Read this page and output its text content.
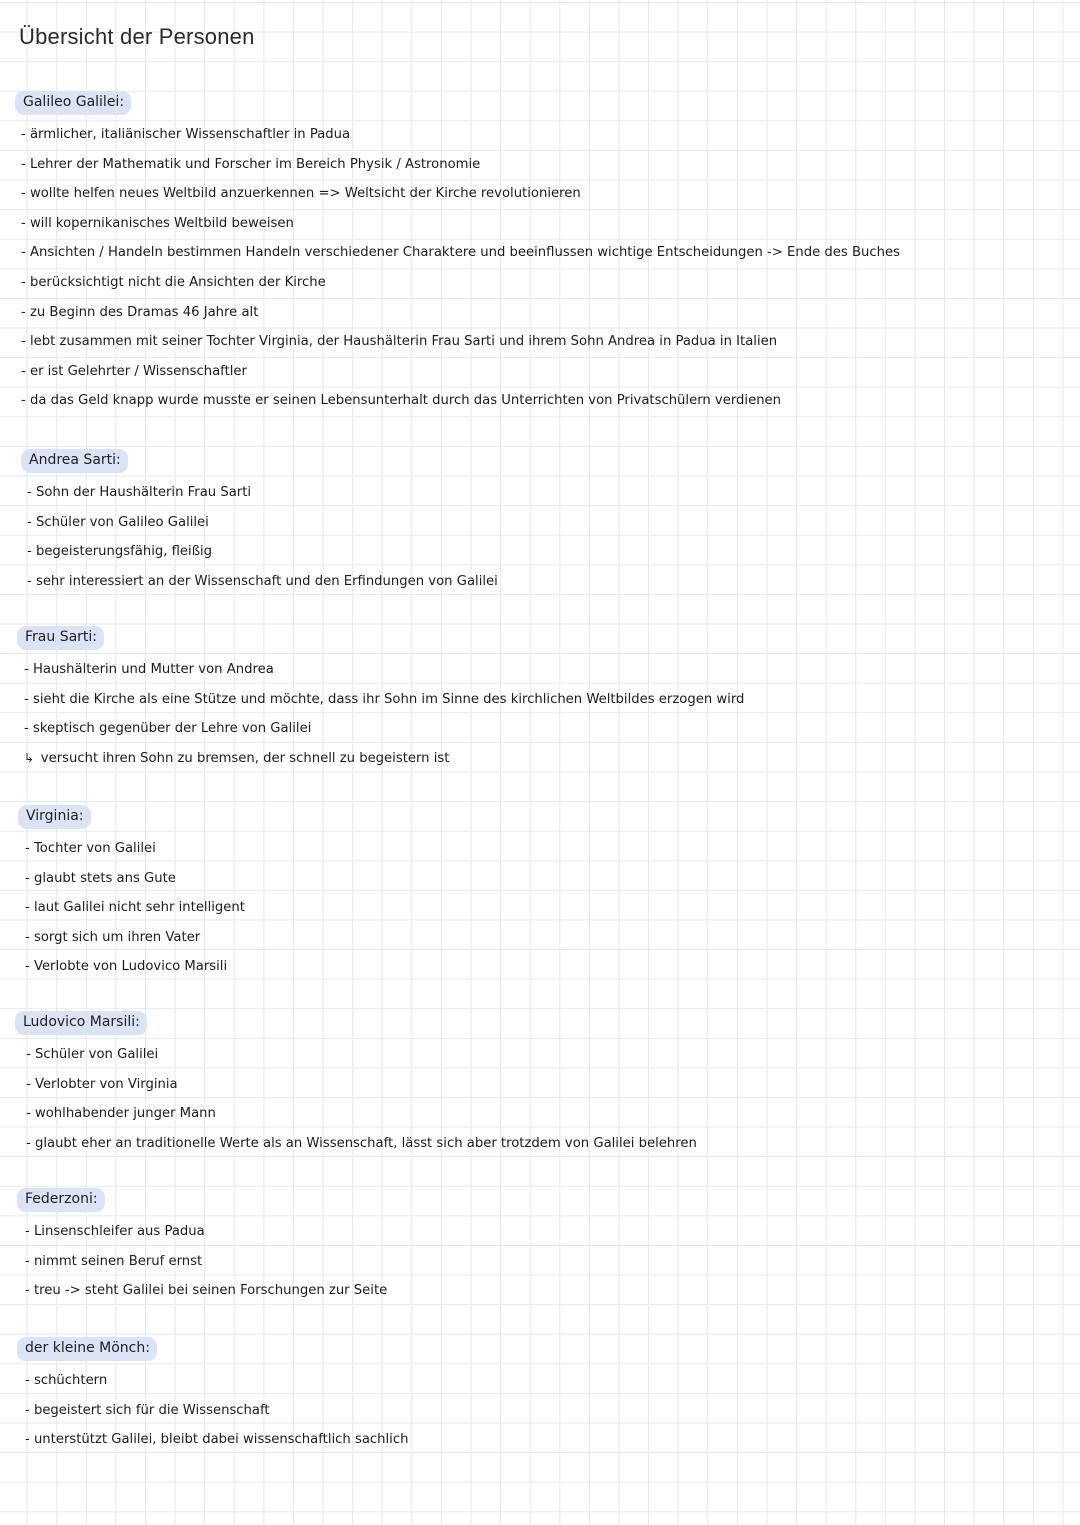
Übersicht der Personen
Galileo Galilei:
- ärmlicher, italiänischer Wissenschaftler in Padua
- Lehrer der Mathematik und Forscher im Bereich Physik / Astronomie
- wollte helfen neues Weltbild anzuerkennen => Weltsicht der Kirche revolutionieren
- will kopernikanisches Weltbild beweisen
- Ansichten / Handeln bestimmen Handeln verschiedener Charaktere und beeinflussen wichtige Entscheidungen -> Ende des Buches
- berücksichtigt nicht die Ansichten der Kirche
- zu Beginn des Dramas 46 Jahre alt
- lebt zusammen mit seiner Tochter Virginia, der Haushälterin Frau Sarti und ihrem Sohn Andrea in Padua in Italien
- er ist Gelehrter / Wissenschaftler
- da das Geld knapp wurde musste er seinen Lebensunterhalt durch das Unterrichten von Privatschülern verdienen
Andrea Sarti:
- Sohn der Haushälterin Frau Sarti
- Schüler von Galileo Galilei
- begeisterungsfähig, fleißig
- sehr interessiert an der Wissenschaft und den Erfindungen von Galilei
Frau Sarti:
- Haushälterin und Mutter von Andrea
- sieht die Kirche als eine Stütze und möchte, dass ihr Sohn im Sinne des kirchlichen Weltbildes erzogen wird
- skeptisch gegenüber der Lehre von Galilei
↳ versucht ihren Sohn zu bremsen, der schnell zu begeistern ist
Virginia:
- Tochter von Galilei
- glaubt stets ans Gute
- laut Galilei nicht sehr intelligent
- sorgt sich um ihren Vater
- Verlobte von Ludovico Marsili
Ludovico Marsili:
- Schüler von Galilei
- Verlobter von Virginia
- wohlhabender junger Mann
- glaubt eher an traditionelle Werte als an Wissenschaft, lässt sich aber trotzdem von Galilei belehren
Federzoni:
- Linsenschleifer aus Padua
- nimmt seinen Beruf ernst
- treu -> steht Galilei bei seinen Forschungen zur Seite
der kleine Mönch:
- schüchtern
- begeistert sich für die Wissenschaft
- unterstützt Galilei, bleibt dabei wissenschaftlich sachlich
